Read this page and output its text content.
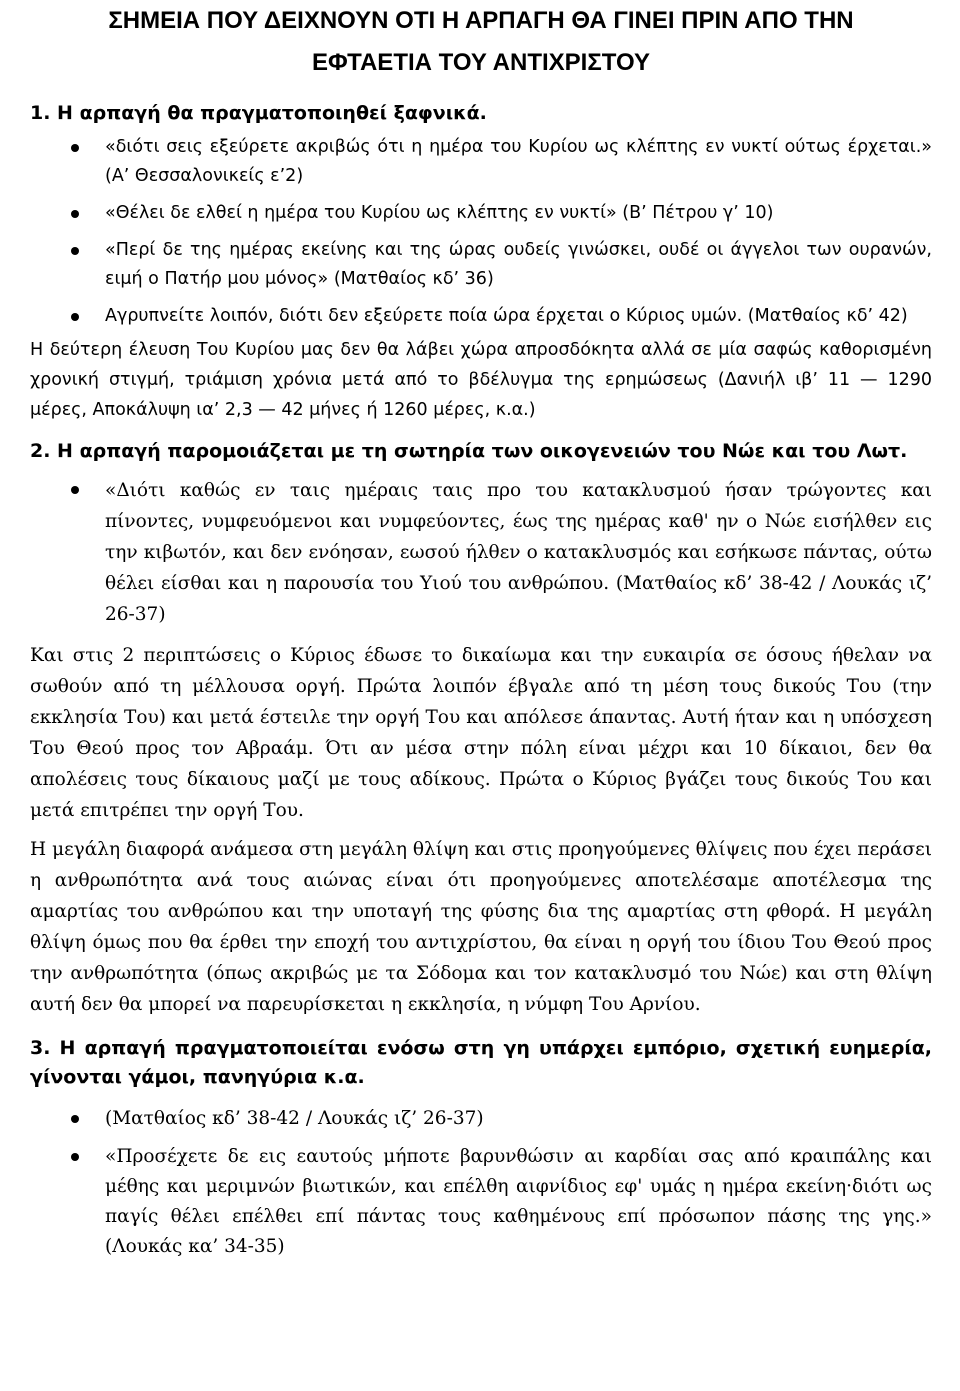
ΣΗΜΕΙΑ ΠΟΥ ΔΕΙΧΝΟΥΝ ΟΤΙ Η ΑΡΠΑΓΗ ΘΑ ΓΙΝΕΙ ΠΡΙΝ ΑΠΟ ΤΗΝ
ΕΦΤΑΕΤΙΑ ΤΟΥ ΑΝΤΙΧΡΙΣΤΟΥ
1. Η αρπαγή θα πραγματοποιηθεί ξαφνικά.
«διότι σεις εξεύρετε ακριβώς ότι η ημέρα του Κυρίου ως κλέπτης εν νυκτί ούτως έρχεται.» (Α’ Θεσσαλονικείς ε’2)
«Θέλει δε ελθεί η ημέρα του Κυρίου ως κλέπτης εν νυκτί» (Β’ Πέτρου γ’ 10)
«Περί δε της ημέρας εκείνης και της ώρας ουδείς γινώσκει, ουδέ οι άγγελοι των ουρανών, ειμή ο Πατήρ μου μόνος» (Ματθαίος κδ’ 36)
Αγρυπνείτε λοιπόν, διότι δεν εξεύρετε ποία ώρα έρχεται ο Κύριος υμών. (Ματθαίος κδ’ 42)

Η δεύτερη έλευση Του Κυρίου μας δεν θα λάβει χώρα απροσδόκητα αλλά σε μία σαφώς καθορισμένη χρονική στιγμή, τριάμιση χρόνια μετά από το βδέλυγμα της ερημώσεως (Δανιήλ ιβ’ 11 — 1290 μέρες, Αποκάλυψη ια’ 2,3 — 42 μήνες ή 1260 μέρες, κ.α.)

2. Η αρπαγή παρομοιάζεται με τη σωτηρία των οικογενειών του Νώε και του Λωτ.
«Διότι καθώς εν ταις ημέραις ταις προ του κατακλυσμού ήσαν τρώγοντες και πίνοντες, νυμφευόμενοι και νυμφεύοντες, έως της ημέρας καθ' ην ο Νώε εισήλθεν εις την κιβωτόν, και δεν ενόησαν, εωσού ήλθεν ο κατακλυσμός και εσήκωσε πάντας, ούτω θέλει είσθαι και η παρουσία του Υιού του ανθρώπου. (Ματθαίος κδ’ 38-42 / Λουκάς ιζ’ 26-37)

Και στις 2 περιπτώσεις ο Κύριος έδωσε το δικαίωμα και την ευκαιρία σε όσους ήθελαν να σωθούν από τη μέλλουσα οργή. Πρώτα λοιπόν έβγαλε από τη μέση τους δικούς Του (την εκκλησία Του) και μετά έστειλε την οργή Του και απόλεσε άπαντας. Αυτή ήταν και η υπόσχεση Του Θεού προς τον Αβραάμ. Ότι αν μέσα στην πόλη είναι μέχρι και 10 δίκαιοι, δεν θα απολέσεις τους δίκαιους μαζί με τους αδίκους. Πρώτα ο Κύριος βγάζει τους δικούς Του και μετά επιτρέπει την οργή Του.

Η μεγάλη διαφορά ανάμεσα στη μεγάλη θλίψη και στις προηγούμενες θλίψεις που έχει περάσει η ανθρωπότητα ανά τους αιώνας είναι ότι προηγούμενες αποτελέσαμε αποτέλεσμα της αμαρτίας του ανθρώπου και την υποταγή της φύσης δια της αμαρτίας στη φθορά. Η μεγάλη θλίψη όμως που θα έρθει την εποχή του αντιχρίστου, θα είναι η οργή του ίδιου Του Θεού προς την ανθρωπότητα (όπως ακριβώς με τα Σόδομα και τον κατακλυσμό του Νώε) και στη θλίψη αυτή δεν θα μπορεί να παρευρίσκεται η εκκλησία, η νύμφη Του Αρνίου.

3. Η αρπαγή πραγματοποιείται ενόσω στη γη υπάρχει εμπόριο, σχετική ευημερία, γίνονται γάμοι, πανηγύρια κ.α.
(Ματθαίος κδ’ 38-42 / Λουκάς ιζ’ 26-37)
«Προσέχετε δε εις εαυτούς μήποτε βαρυνθώσιν αι καρδίαι σας από κραιπάλης και μέθης και μεριμνών βιωτικών, και επέλθη αιφνίδιος εφ' υμάς η ημέρα εκείνη·διότι ως παγίς θέλει επέλθει επί πάντας τους καθημένους επί πρόσωπον πάσης της γης.» (Λουκάς κα’ 34-35)
